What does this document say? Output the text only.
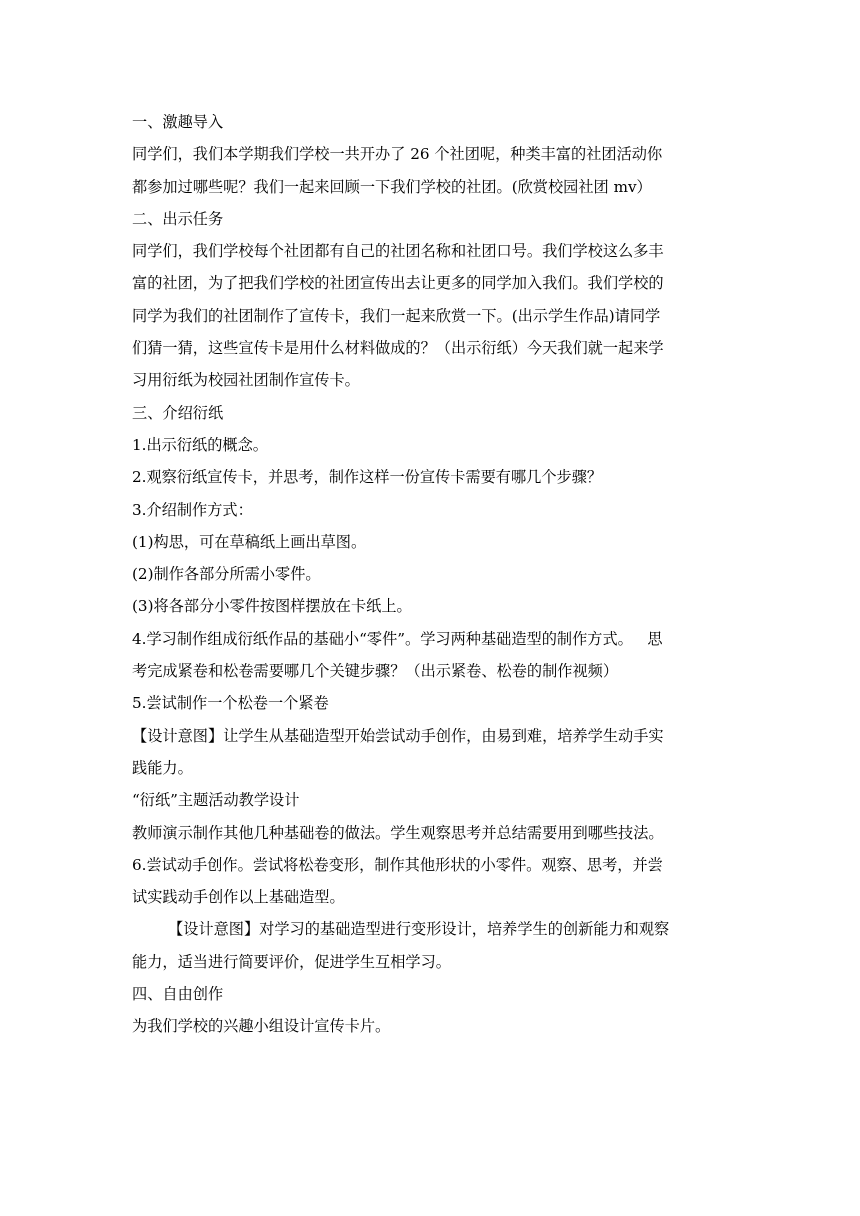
一、激趣导入

同学们，我们本学期我们学校一共开办了 26 个社团呢，种类丰富的社团活动你

都参加过哪些呢？我们一起来回顾一下我们学校的社团。(欣赏校园社团 mv）

二、出示任务

同学们，我们学校每个社团都有自己的社团名称和社团口号。我们学校这么多丰

富的社团，为了把我们学校的社团宣传出去让更多的同学加入我们。我们学校的

同学为我们的社团制作了宣传卡，我们一起来欣赏一下。(出示学生作品)请同学

们猜一猜，这些宣传卡是用什么材料做成的？（出示衍纸）今天我们就一起来学

习用衍纸为校园社团制作宣传卡。

三、介绍衍纸

1.出示衍纸的概念。

2.观察衍纸宣传卡，并思考，制作这样一份宣传卡需要有哪几个步骤？

3.介绍制作方式：

(1)构思，可在草稿纸上画出草图。

(2)制作各部分所需小零件。

(3)将各部分小零件按图样摆放在卡纸上。

4.学习制作组成衍纸作品的基础小“零件”。学习两种基础造型的制作方式。   思

考完成紧卷和松卷需要哪几个关键步骤？（出示紧卷、松卷的制作视频）

5.尝试制作一个松卷一个紧卷

【设计意图】让学生从基础造型开始尝试动手创作，由易到难，培养学生动手实

践能力。

“衍纸”主题活动教学设计

教师演示制作其他几种基础卷的做法。学生观察思考并总结需要用到哪些技法。

6.尝试动手创作。尝试将松卷变形，制作其他形状的小零件。观察、思考，并尝

试实践动手创作以上基础造型。

【设计意图】对学习的基础造型进行变形设计，培养学生的创新能力和观察

能力，适当进行简要评价，促进学生互相学习。

四、自由创作

为我们学校的兴趣小组设计宣传卡片。
